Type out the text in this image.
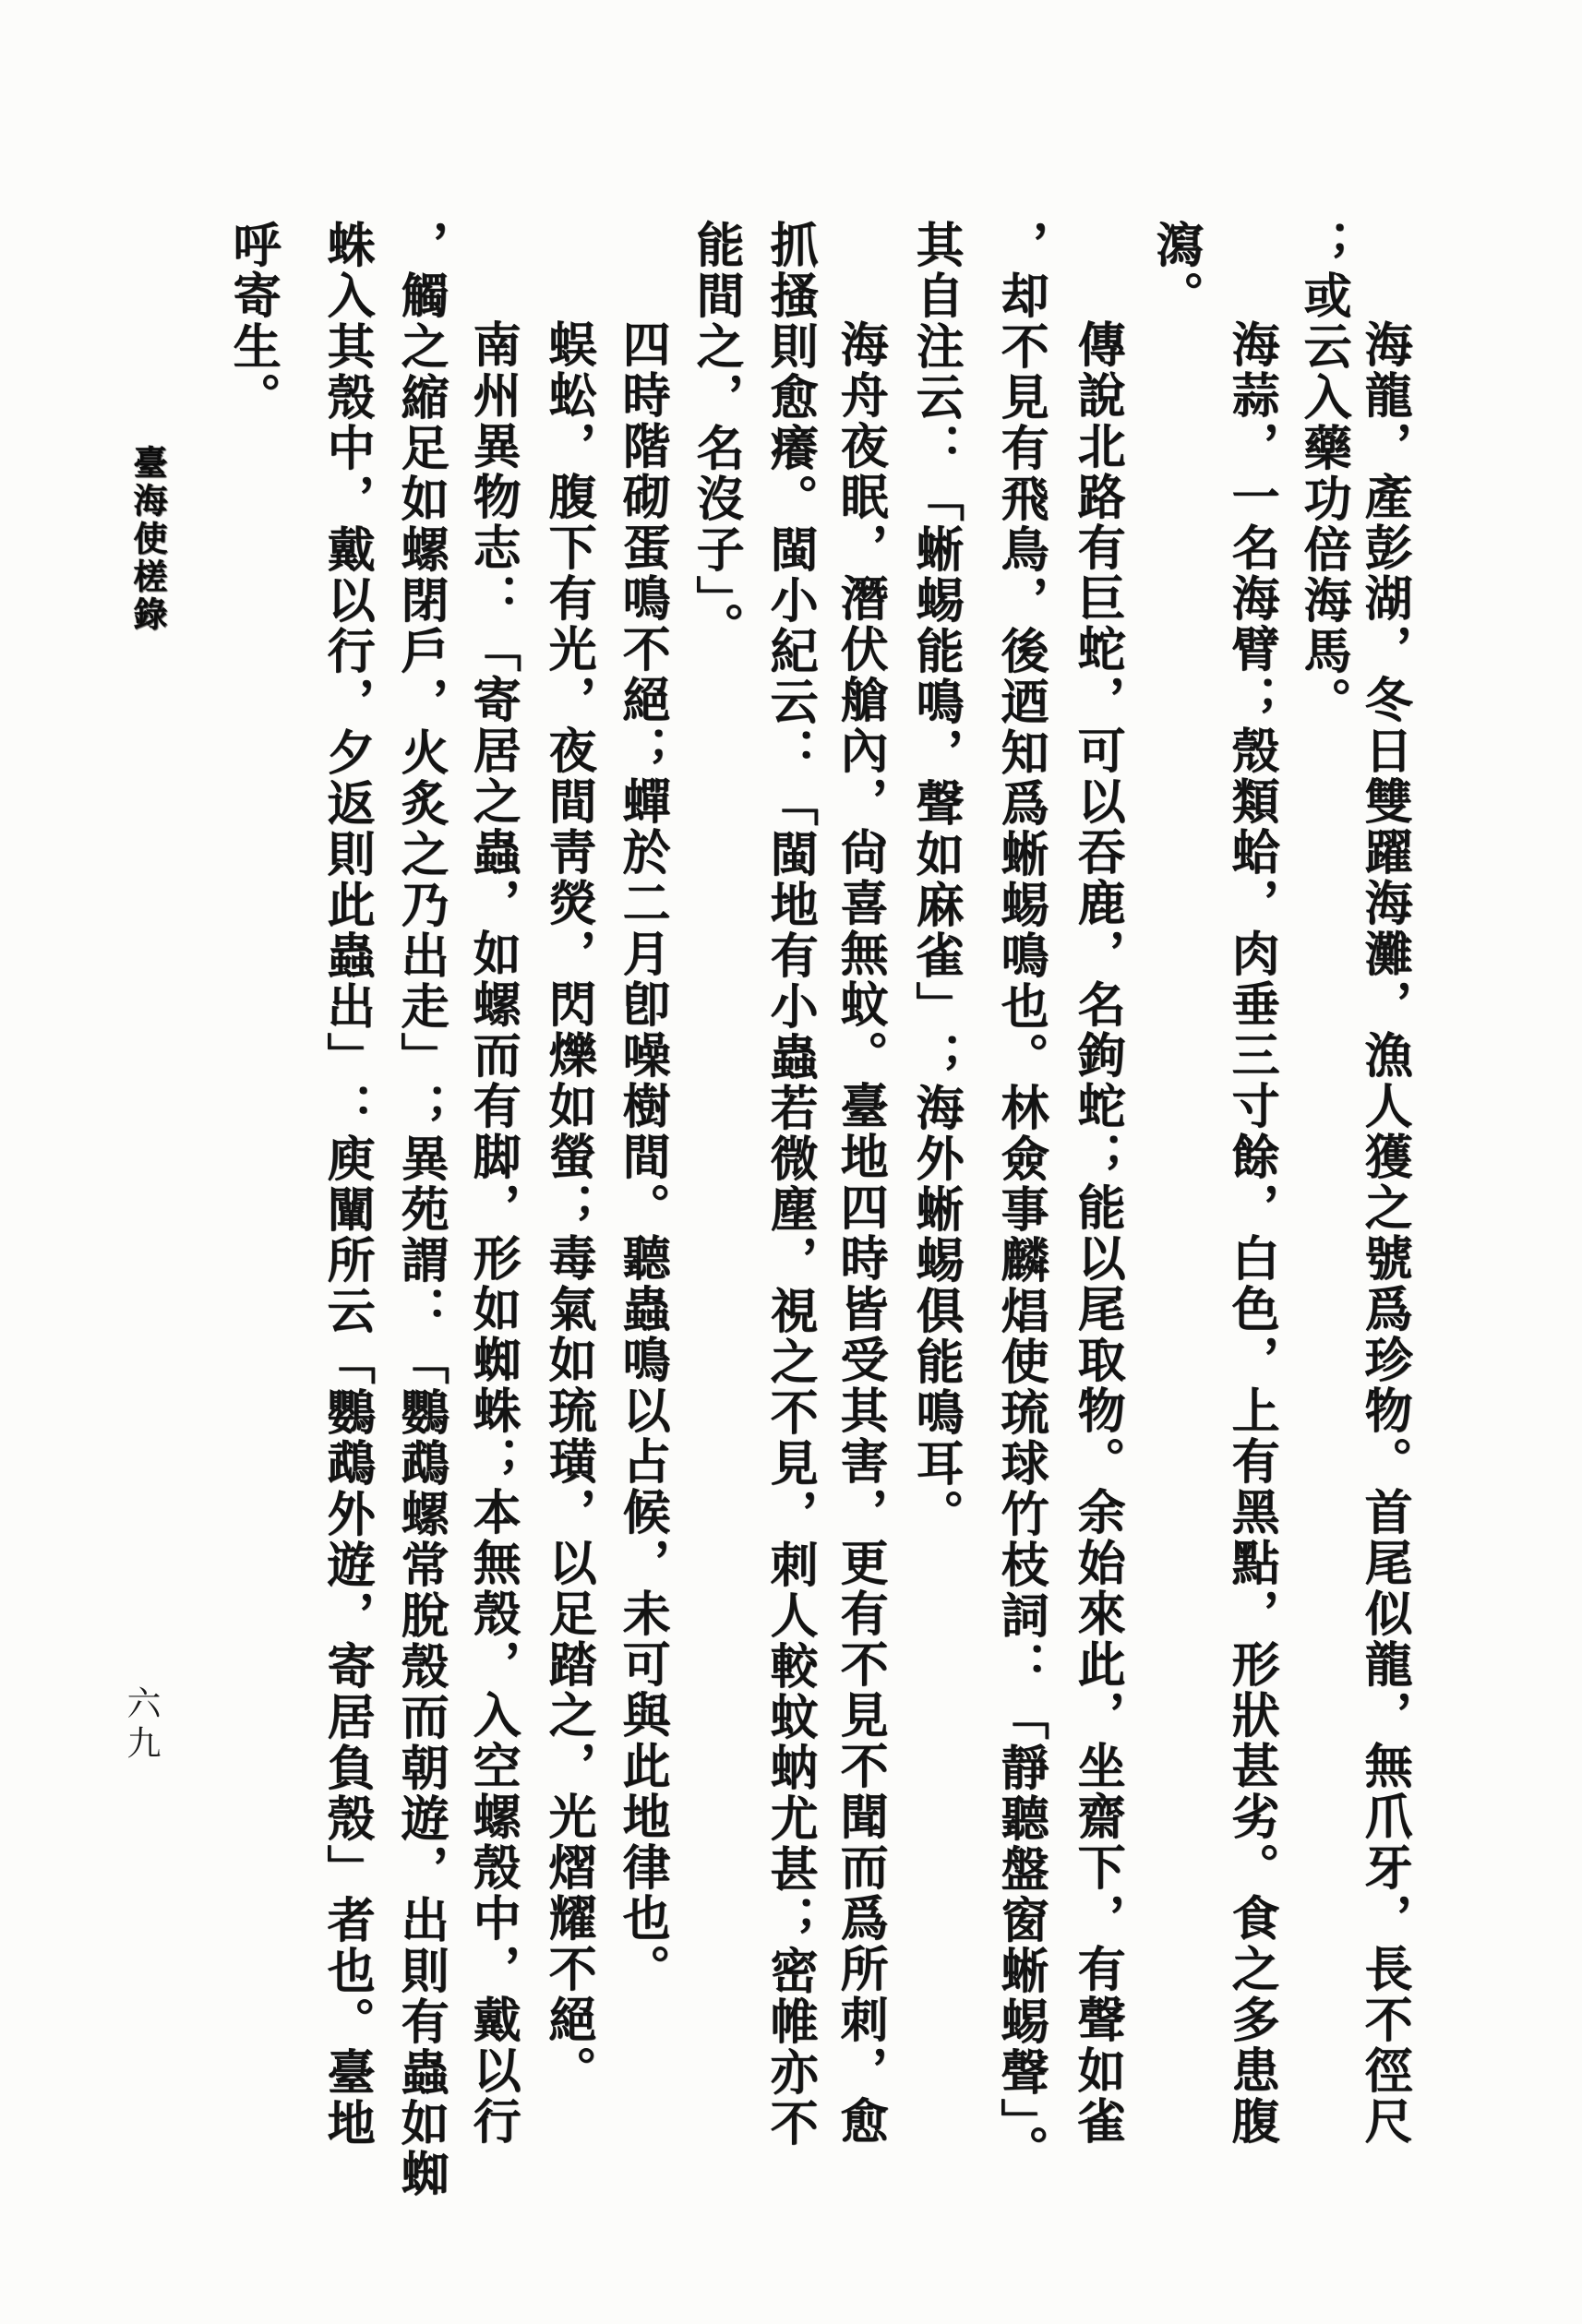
臺海使槎錄	海龍，產彭湖，冬日雙躍海灘，漁人獲之號爲珍物。首尾似龍，無爪牙，長不徑尺
；或云入藥功倍海馬。
海蒜，一名海臂；殼類蛤，肉垂三寸餘，白色，上有黑點，形狀甚劣。食之多患腹
瀉。
傳說北路有巨蛇，可以吞鹿，名鉤蛇；能以尾取物。余始來此，坐齋下，有聲如雀
，却不見有飛鳥，後迺知爲蜥蜴鳴也。林僉事麟焻使琉球竹枝詞：「靜聽盤窗蜥蜴聲」。
其自注云：「蜥蜴能鳴，聲如麻雀」；海外蜥蜴俱能鳴耳。
海舟夜眠，潛伏艙內，尙喜無蚊。臺地四時皆受其害，更有不見不聞而爲所刺，愈
抓搔則愈癢。閩小紀云：「閩地有小蟲若微塵，視之不見，刺人較蚊蚋尤甚；密帷亦不
能間之，名沒子」。
四時階砌蛋鳴不絕；蟬於二月卽噪樹間。聽蟲鳴以占候，未可與此地律也。
蜈蚣，腹下有光，夜間靑熒，閃爍如螢；毒氣如琉璜，以足踏之，光熠耀不絕。
南州異物志：「寄居之蟲，如螺而有脚，形如蜘蛛；本無殼，入空螺殼中，戴以行
，觸之縮足如螺閉戶，火炙之乃出走」；異苑謂：「鸚鵡螺常脫殼而朝遊，出則有蟲如蜘
蛛入其殼中，戴以行，夕返則此蟲出」：庾闡所云「鸚鵡外遊，寄居負殼」者也。臺地
呼寄生。
六九
